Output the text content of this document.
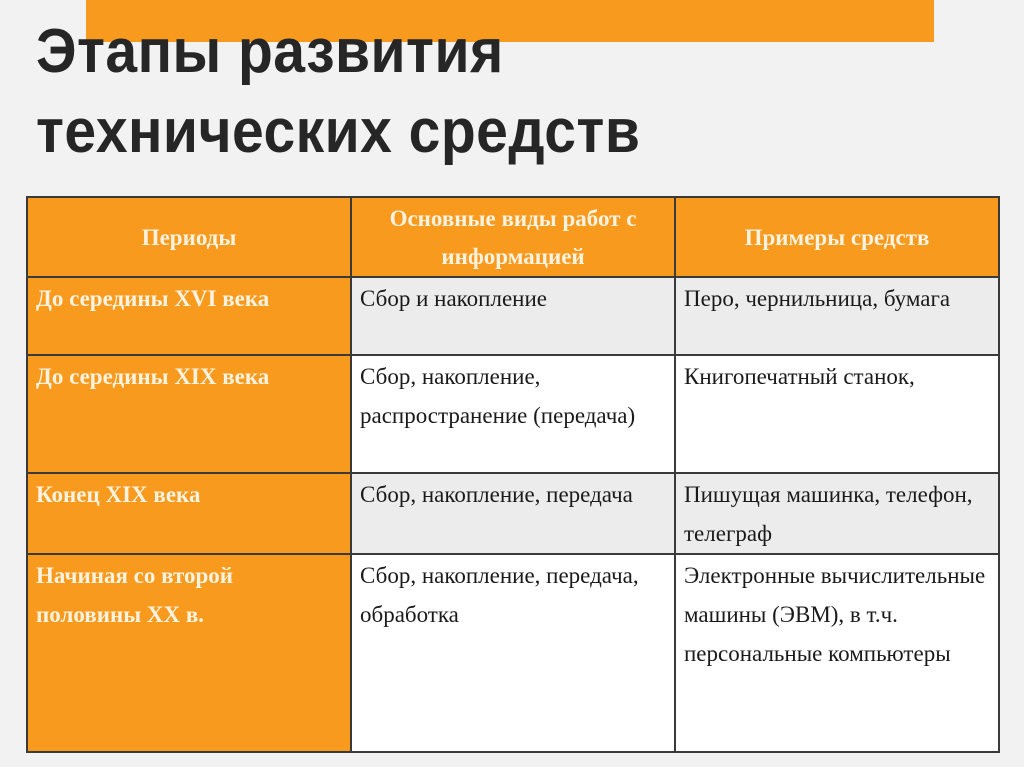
Этапы развития
технических средств
Периоды	Основные виды работ с информацией	Примеры средств
До середины XVI века	Сбор и накопление	Перо, чернильница, бумага
До середины XIX века	Сбор, накопление, распространение (передача)	Книгопечатный станок,
Конец XIX века	Сбор, накопление, передача	Пишущая машинка, телефон, телеграф
Начиная со второй половины XX в.	Сбор, накопление, передача, обработка	Электронные вычислительные машины (ЭВМ), в т.ч. персональные компьютеры
